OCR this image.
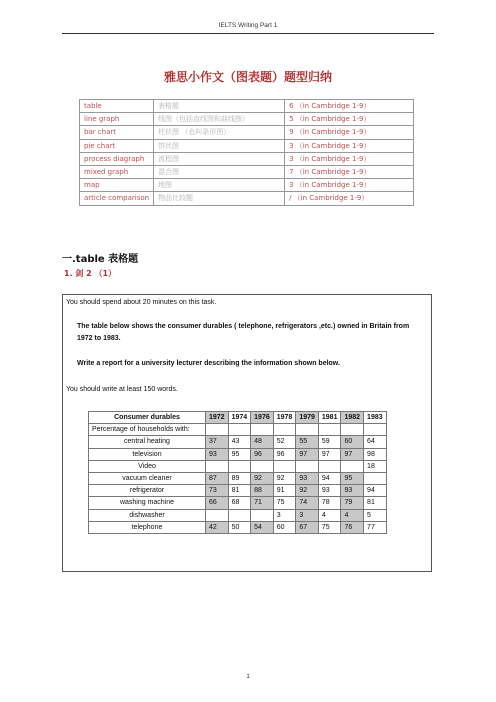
IELTS Writing Part 1
雅思小作文（图表题）题型归纳
table	表格题	6 （in Cambridge 1-9）
line graph	线图（包括直线图和曲线图）	5 （in Cambridge 1-9）
bar chart	柱状图 （也叫条形图）	9 （in Cambridge 1-9）
pie chart	饼状图	3 （in Cambridge 1-9）
process diagraph	流程图	3 （in Cambridge 1-9）
mixed graph	混合图	7 （in Cambridge 1-9）
map	地图	3 （in Cambridge 1-9）
article comparison	物品比较题	/ （in Cambridge 1-9）
一.table 表格题
1. 剑 2 （1）
You should spend about 20 minutes on this task.
The table below shows the consumer durables ( telephone, refrigerators ,etc.) owned in Britain from
1972 to 1983.
Write a report for a university lecturer describing the information shown below.
You should write at least 150 words.
Consumer durables	1972	1974	1976	1978	1979	1981	1982	1983
Percentage of households with:								
central heating	37	43	48	52	55	59	60	64
television	93	95	96	96	97	97	97	98
Video								18
vacuum cleaner	87	89	92	92	93	94	95	
refrigerator	73	81	88	91	92	93	93	94
washing machine	66	68	71	75	74	78	79	81
dishwasher				3	3	4	4	5
telephone	42	50	54	60	67	75	76	77
1
